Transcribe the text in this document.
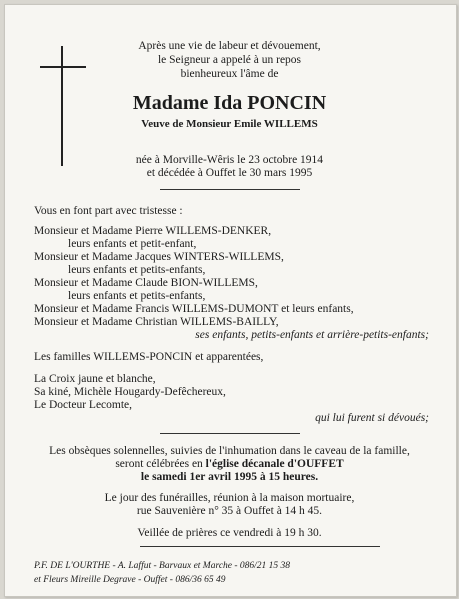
Après une vie de labeur et dévouement,
le Seigneur a appelé à un repos
bienheureux l'âme de
Madame Ida PONCIN
Veuve de Monsieur Emile WILLEMS
née à Morville-Wêris le 23 octobre 1914
et décédée à Ouffet le 30 mars 1995
Vous en font part avec tristesse :
Monsieur et Madame Pierre WILLEMS-DENKER,
leurs enfants et petit-enfant,
Monsieur et Madame Jacques WINTERS-WILLEMS,
leurs enfants et petits-enfants,
Monsieur et Madame Claude BION-WILLEMS,
leurs enfants et petits-enfants,
Monsieur et Madame Francis WILLEMS-DUMONT et leurs enfants,
Monsieur et Madame Christian WILLEMS-BAILLY,
ses enfants, petits-enfants et arrière-petits-enfants;
Les familles WILLEMS-PONCIN et apparentées,
La Croix jaune et blanche,
Sa kiné, Michèle Hougardy-Defêchereux,
Le Docteur Lecomte,
qui lui furent si dévoués;
Les obsèques solennelles, suivies de l'inhumation dans le caveau de la famille,
seront célébrées en l'église décanale d'OUFFET
le samedi 1er avril 1995 à 15 heures.
Le jour des funérailles, réunion à la maison mortuaire,
rue Sauvenière n° 35 à Ouffet à 14 h 45.
Veillée de prières ce vendredi à 19 h 30.
P.F. DE L'OURTHE - A. Laffut - Barvaux et Marche - 086/21 15 38
et Fleurs Mireille Degrave - Ouffet - 086/36 65 49
